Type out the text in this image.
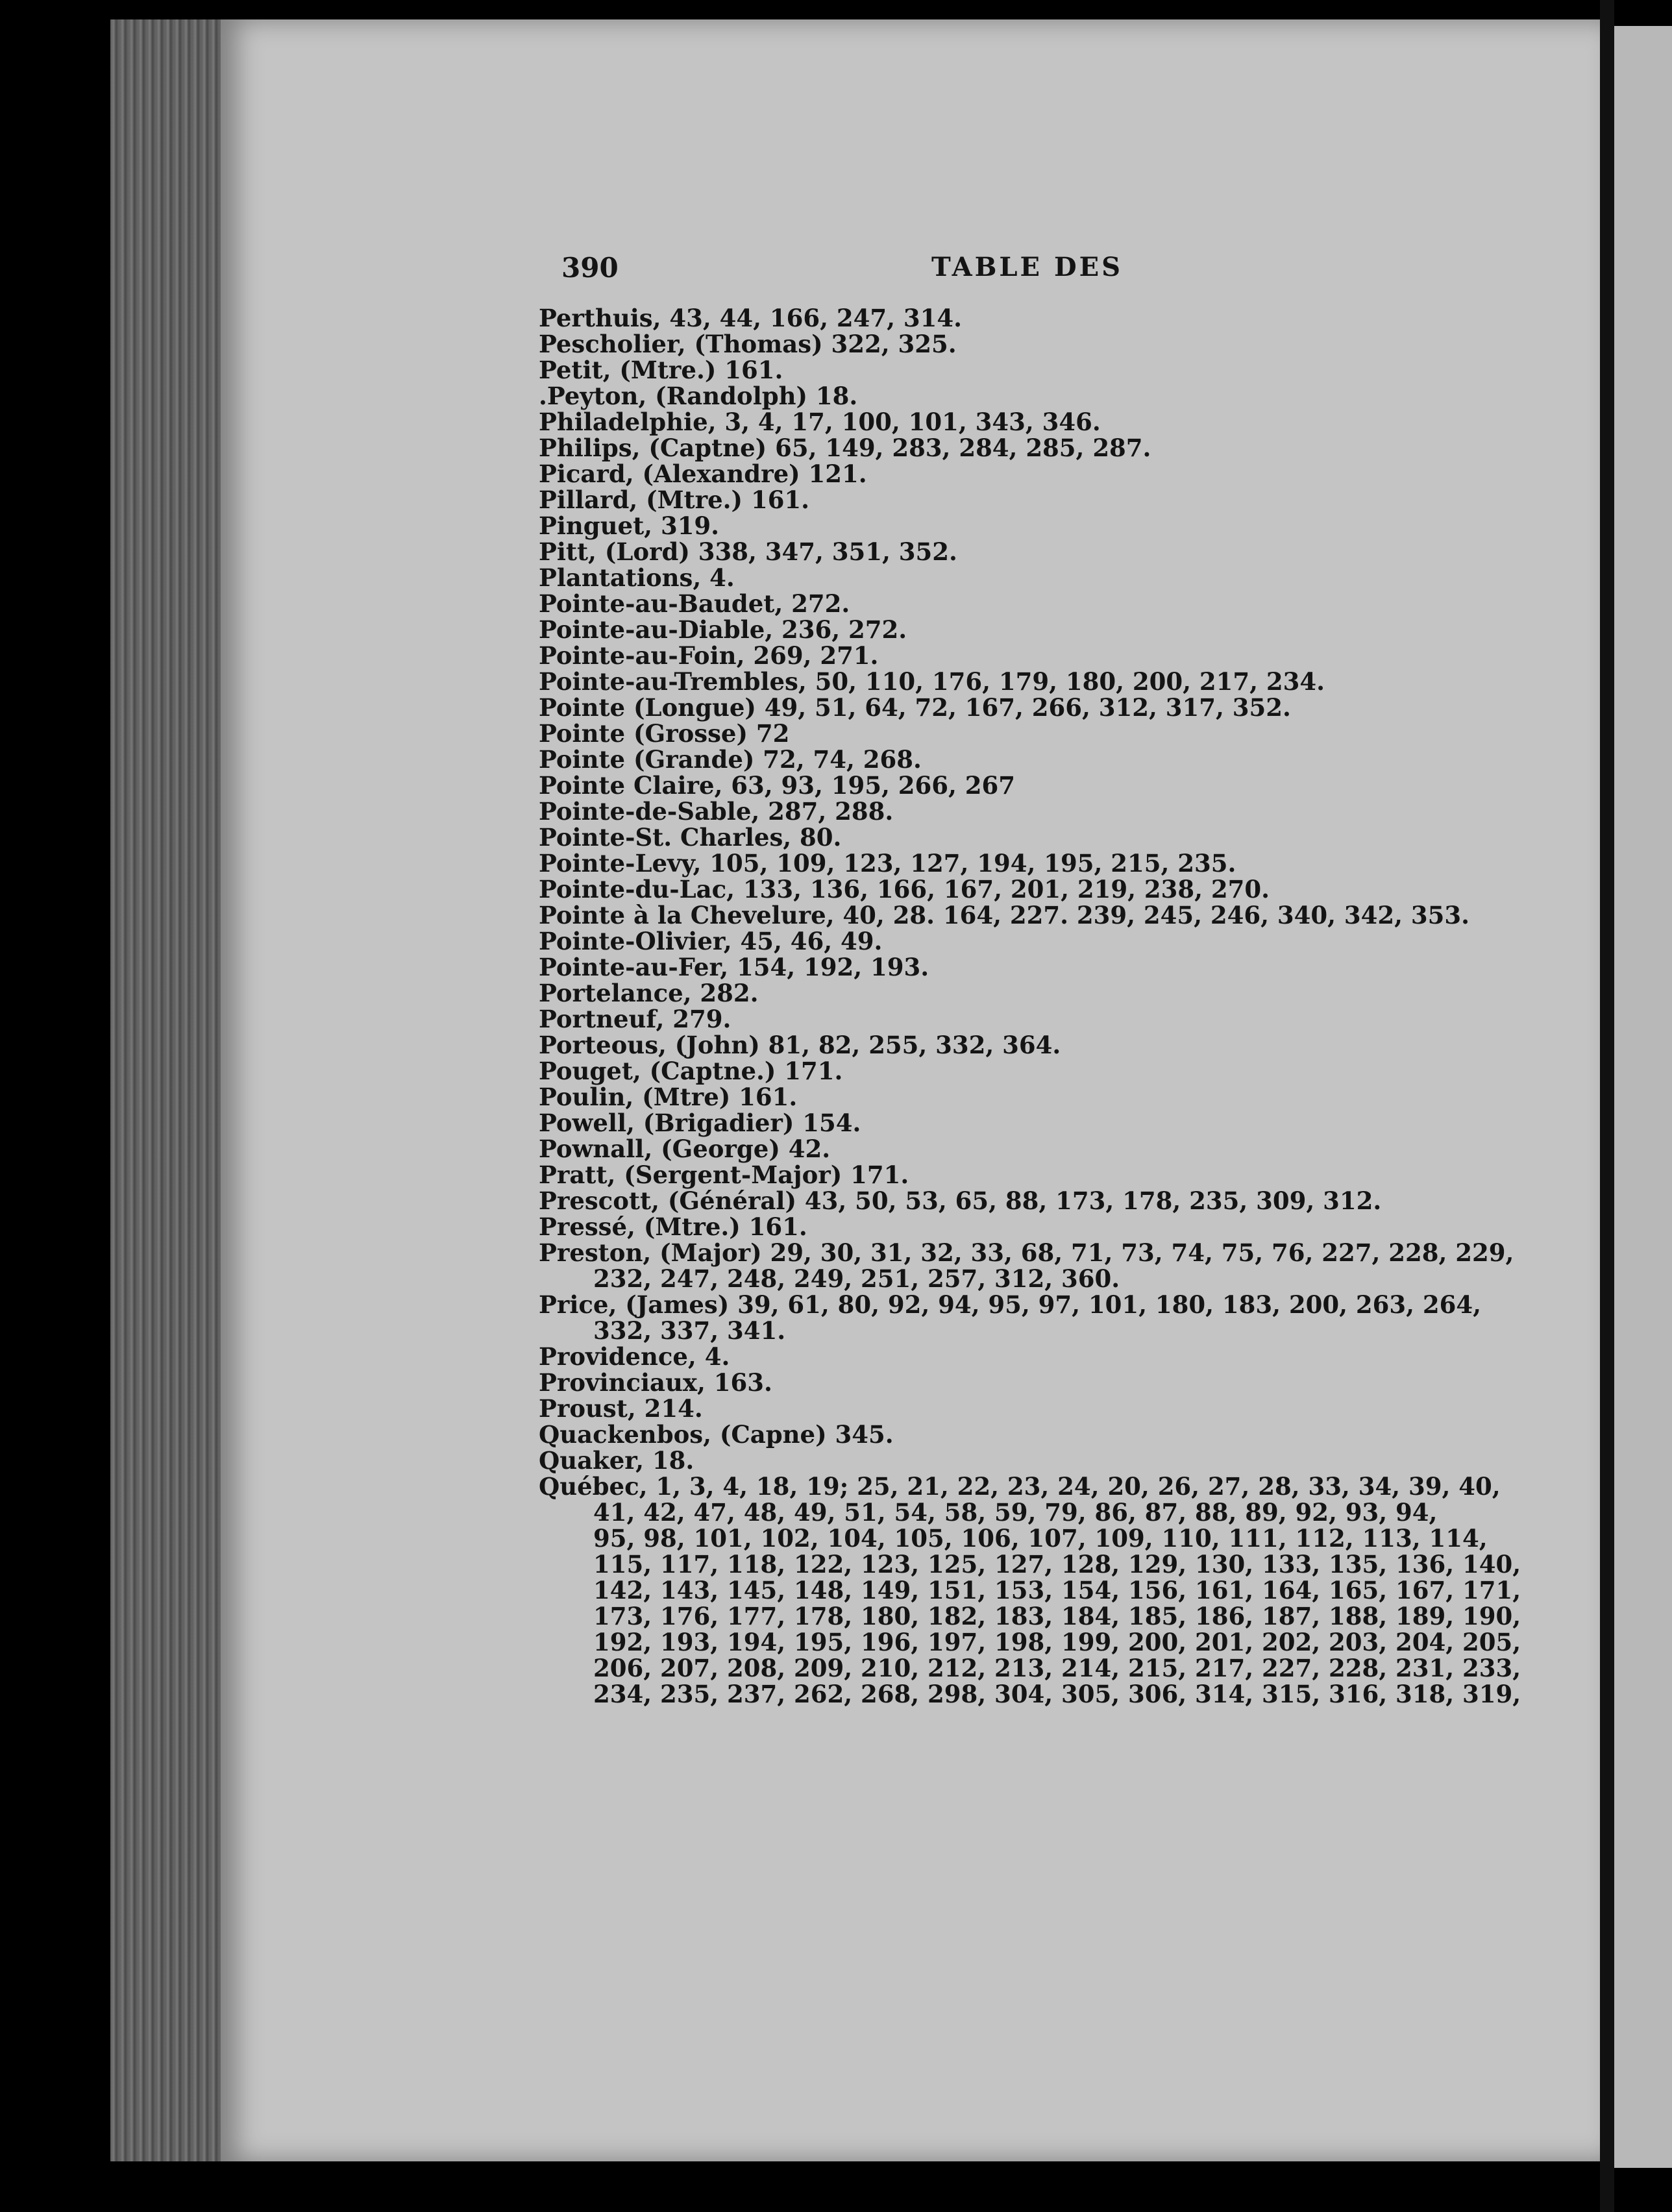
390	TABLE DES
Perthuis, 43, 44, 166, 247, 314.
Pescholier, (Thomas) 322, 325.
Petit, (Mtre.) 161.
.Peyton, (Randolph) 18.
Philadelphie, 3, 4, 17, 100, 101, 343, 346.
Philips, (Captne) 65, 149, 283, 284, 285, 287.
Picard, (Alexandre) 121.
Pillard, (Mtre.) 161.
Pinguet, 319.
Pitt, (Lord) 338, 347, 351, 352.
Plantations, 4.
Pointe-au-Baudet, 272.
Pointe-au-Diable, 236, 272.
Pointe-au-Foin, 269, 271.
Pointe-au-Trembles, 50, 110, 176, 179, 180, 200, 217, 234.
Pointe (Longue) 49, 51, 64, 72, 167, 266, 312, 317, 352.
Pointe (Grosse) 72
Pointe (Grande) 72, 74, 268.
Pointe Claire, 63, 93, 195, 266, 267
Pointe-de-Sable, 287, 288.
Pointe-St. Charles, 80.
Pointe-Levy, 105, 109, 123, 127, 194, 195, 215, 235.
Pointe-du-Lac, 133, 136, 166, 167, 201, 219, 238, 270.
Pointe à la Chevelure, 40, 28. 164, 227. 239, 245, 246, 340, 342, 353.
Pointe-Olivier, 45, 46, 49.
Pointe-au-Fer, 154, 192, 193.
Portelance, 282.
Portneuf, 279.
Porteous, (John) 81, 82, 255, 332, 364.
Pouget, (Captne.) 171.
Poulin, (Mtre) 161.
Powell, (Brigadier) 154.
Pownall, (George) 42.
Pratt, (Sergent-Major) 171.
Prescott, (Général) 43, 50, 53, 65, 88, 173, 178, 235, 309, 312.
Pressé, (Mtre.) 161.
Preston, (Major) 29, 30, 31, 32, 33, 68, 71, 73, 74, 75, 76, 227, 228, 229,
232, 247, 248, 249, 251, 257, 312, 360.
Price, (James) 39, 61, 80, 92, 94, 95, 97, 101, 180, 183, 200, 263, 264,
332, 337, 341.
Providence, 4.
Provinciaux, 163.
Proust, 214.
Quackenbos, (Capne) 345.
Quaker, 18.
Québec, 1, 3, 4, 18, 19; 25, 21, 22, 23, 24, 20, 26, 27, 28, 33, 34, 39, 40,
41, 42, 47, 48, 49, 51, 54, 58, 59, 79, 86, 87, 88, 89, 92, 93, 94,
95, 98, 101, 102, 104, 105, 106, 107, 109, 110, 111, 112, 113, 114,
115, 117, 118, 122, 123, 125, 127, 128, 129, 130, 133, 135, 136, 140,
142, 143, 145, 148, 149, 151, 153, 154, 156, 161, 164, 165, 167, 171,
173, 176, 177, 178, 180, 182, 183, 184, 185, 186, 187, 188, 189, 190,
192, 193, 194, 195, 196, 197, 198, 199, 200, 201, 202, 203, 204, 205,
206, 207, 208, 209, 210, 212, 213, 214, 215, 217, 227, 228, 231, 233,
234, 235, 237, 262, 268, 298, 304, 305, 306, 314, 315, 316, 318, 319,
